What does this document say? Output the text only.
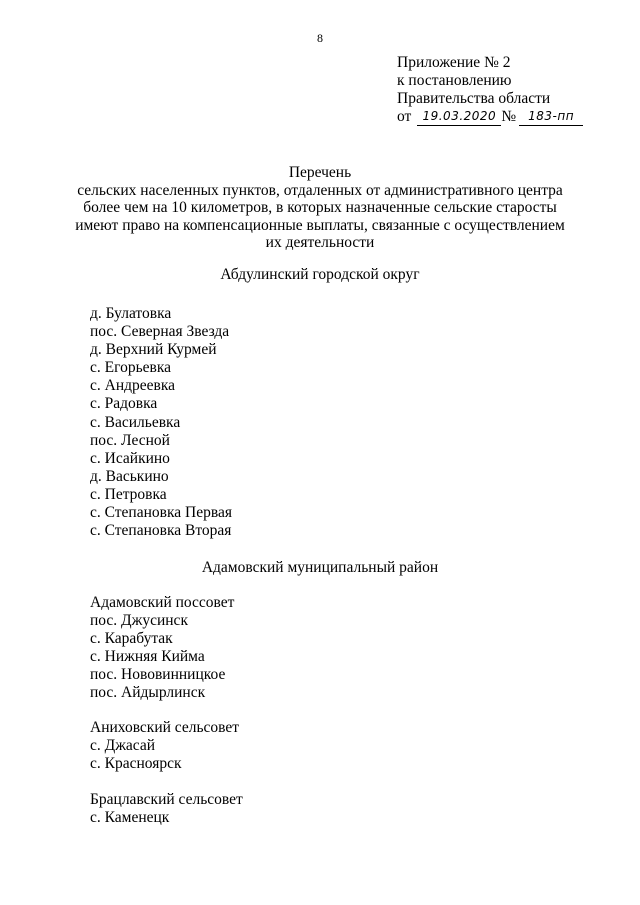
8
Приложение № 2
к постановлению
Правительства области
от 19.03.2020 № 183-пп
Перечень
сельских населенных пунктов, отдаленных от административного центра
более чем на 10 километров, в которых назначенные сельские старосты
имеют право на компенсационные выплаты, связанные с осуществлением
их деятельности
Абдулинский городской округ
д. Булатовка
пос. Северная Звезда
д. Верхний Курмей
с. Егорьевка
с. Андреевка
с. Радовка
с. Васильевка
пос. Лесной
с. Исайкино
д. Васькино
с. Петровка
с. Степановка Первая
с. Степановка Вторая
Адамовский муниципальный район
Адамовский поссовет
пос. Джусинск
с. Карабутак
с. Нижняя Кийма
пос. Нововинницкое
пос. Айдырлинск
Аниховский сельсовет
с. Джасай
с. Красноярск
Брацлавский сельсовет
с. Каменецк
